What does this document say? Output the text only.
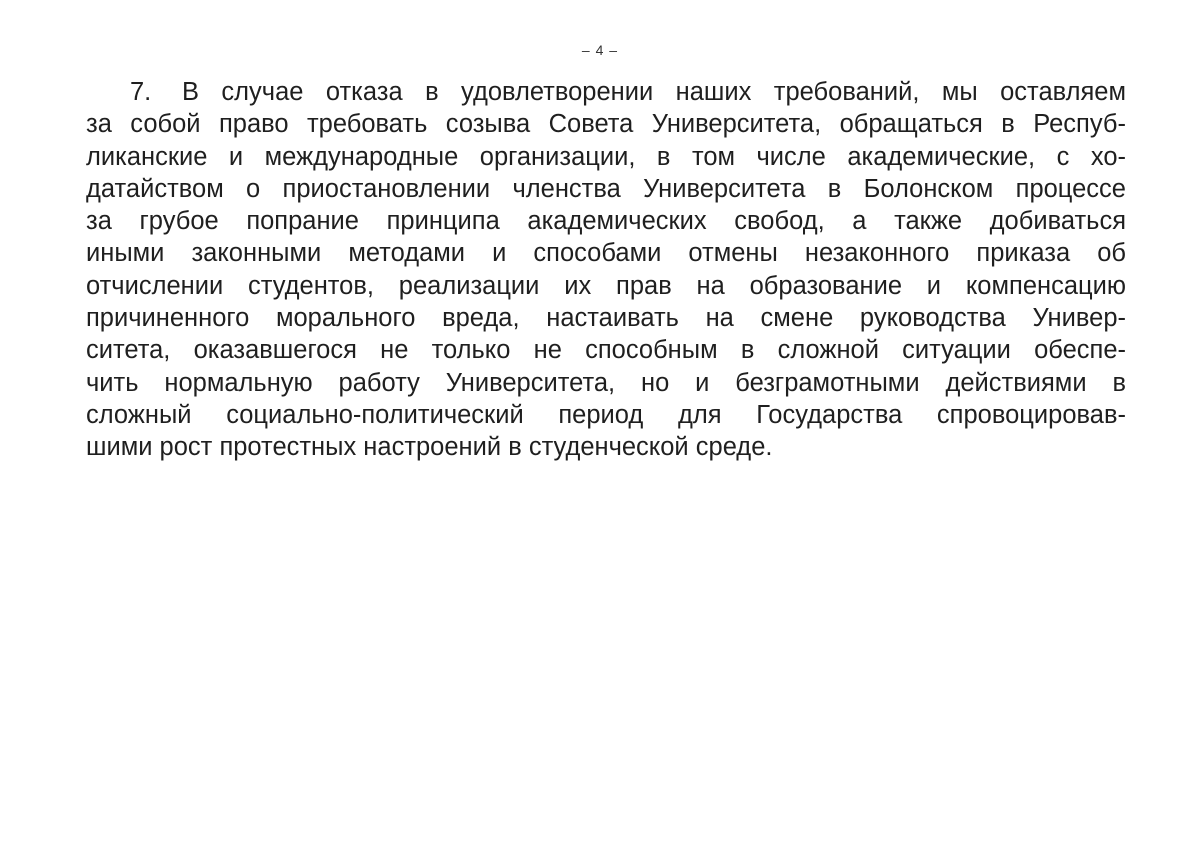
– 4 –
7. В случае отказа в удовлетворении наших требований, мы оставляем
за собой право требовать созыва Совета Университета, обращаться в Респуб-
ликанские и международные организации, в том числе академические, с хо-
датайством о приостановлении членства Университета в Болонском процессе
за грубое попрание принципа академических свобод, а также добиваться
иными законными методами и способами отмены незаконного приказа об
отчислении студентов, реализации их прав на образование и компенсацию
причиненного морального вреда, настаивать на смене руководства Универ-
ситета, оказавшегося не только не способным в сложной ситуации обеспе-
чить нормальную работу Университета, но и безграмотными действиями в
сложный социально-политический период для Государства спровоцировав-
шими рост протестных настроений в студенческой среде.
